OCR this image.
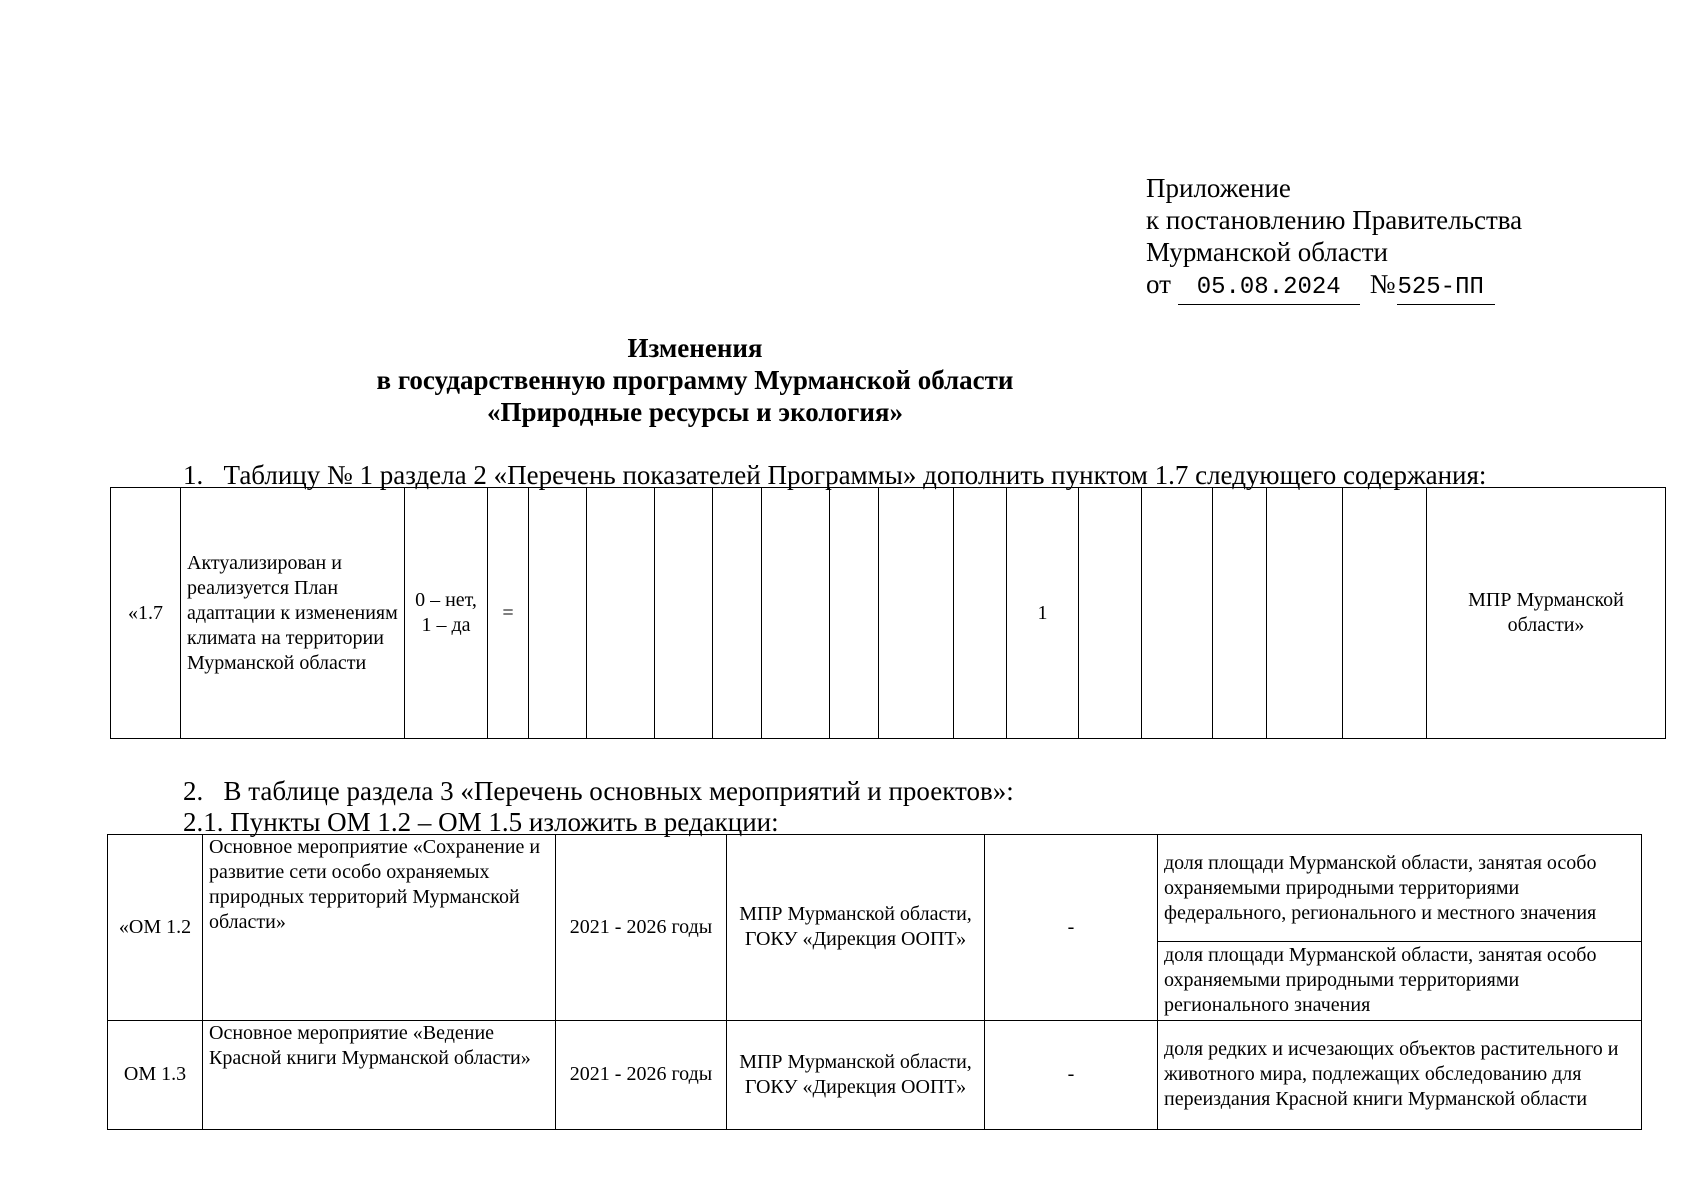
Приложение
к постановлению Правительства
Мурманской области
от 05.08.2024 №525-ПП
Изменения
в государственную программу Мурманской области
«Природные ресурсы и экология»
1. Таблицу № 1 раздела 2 «Перечень показателей Программы» дополнить пунктом 1.7 следующего содержания:
«1.7	Актуализирован и реализуется План адаптации к изменениям климата на территории Мурманской области	0 – нет, 1 – да	=									1						МПР Мурманской области»
2. В таблице раздела 3 «Перечень основных мероприятий и проектов»:
2.1. Пункты ОМ 1.2 – ОМ 1.5 изложить в редакции:
«ОМ 1.2	Основное мероприятие «Сохранение и развитие сети особо охраняемых природных территорий Мурманской области»	2021 - 2026 годы	МПР Мурманской области, ГОКУ «Дирекция ООПТ»	-	доля площади Мурманской области, занятая особо охраняемыми природными территориями федерального, регионального и местного значения
					доля площади Мурманской области, занятая особо охраняемыми природными территориями регионального значения
ОМ 1.3	Основное мероприятие «Ведение Красной книги Мурманской области»	2021 - 2026 годы	МПР Мурманской области, ГОКУ «Дирекция ООПТ»	-	доля редких и исчезающих объектов растительного и животного мира, подлежащих обследованию для переиздания Красной книги Мурманской области
